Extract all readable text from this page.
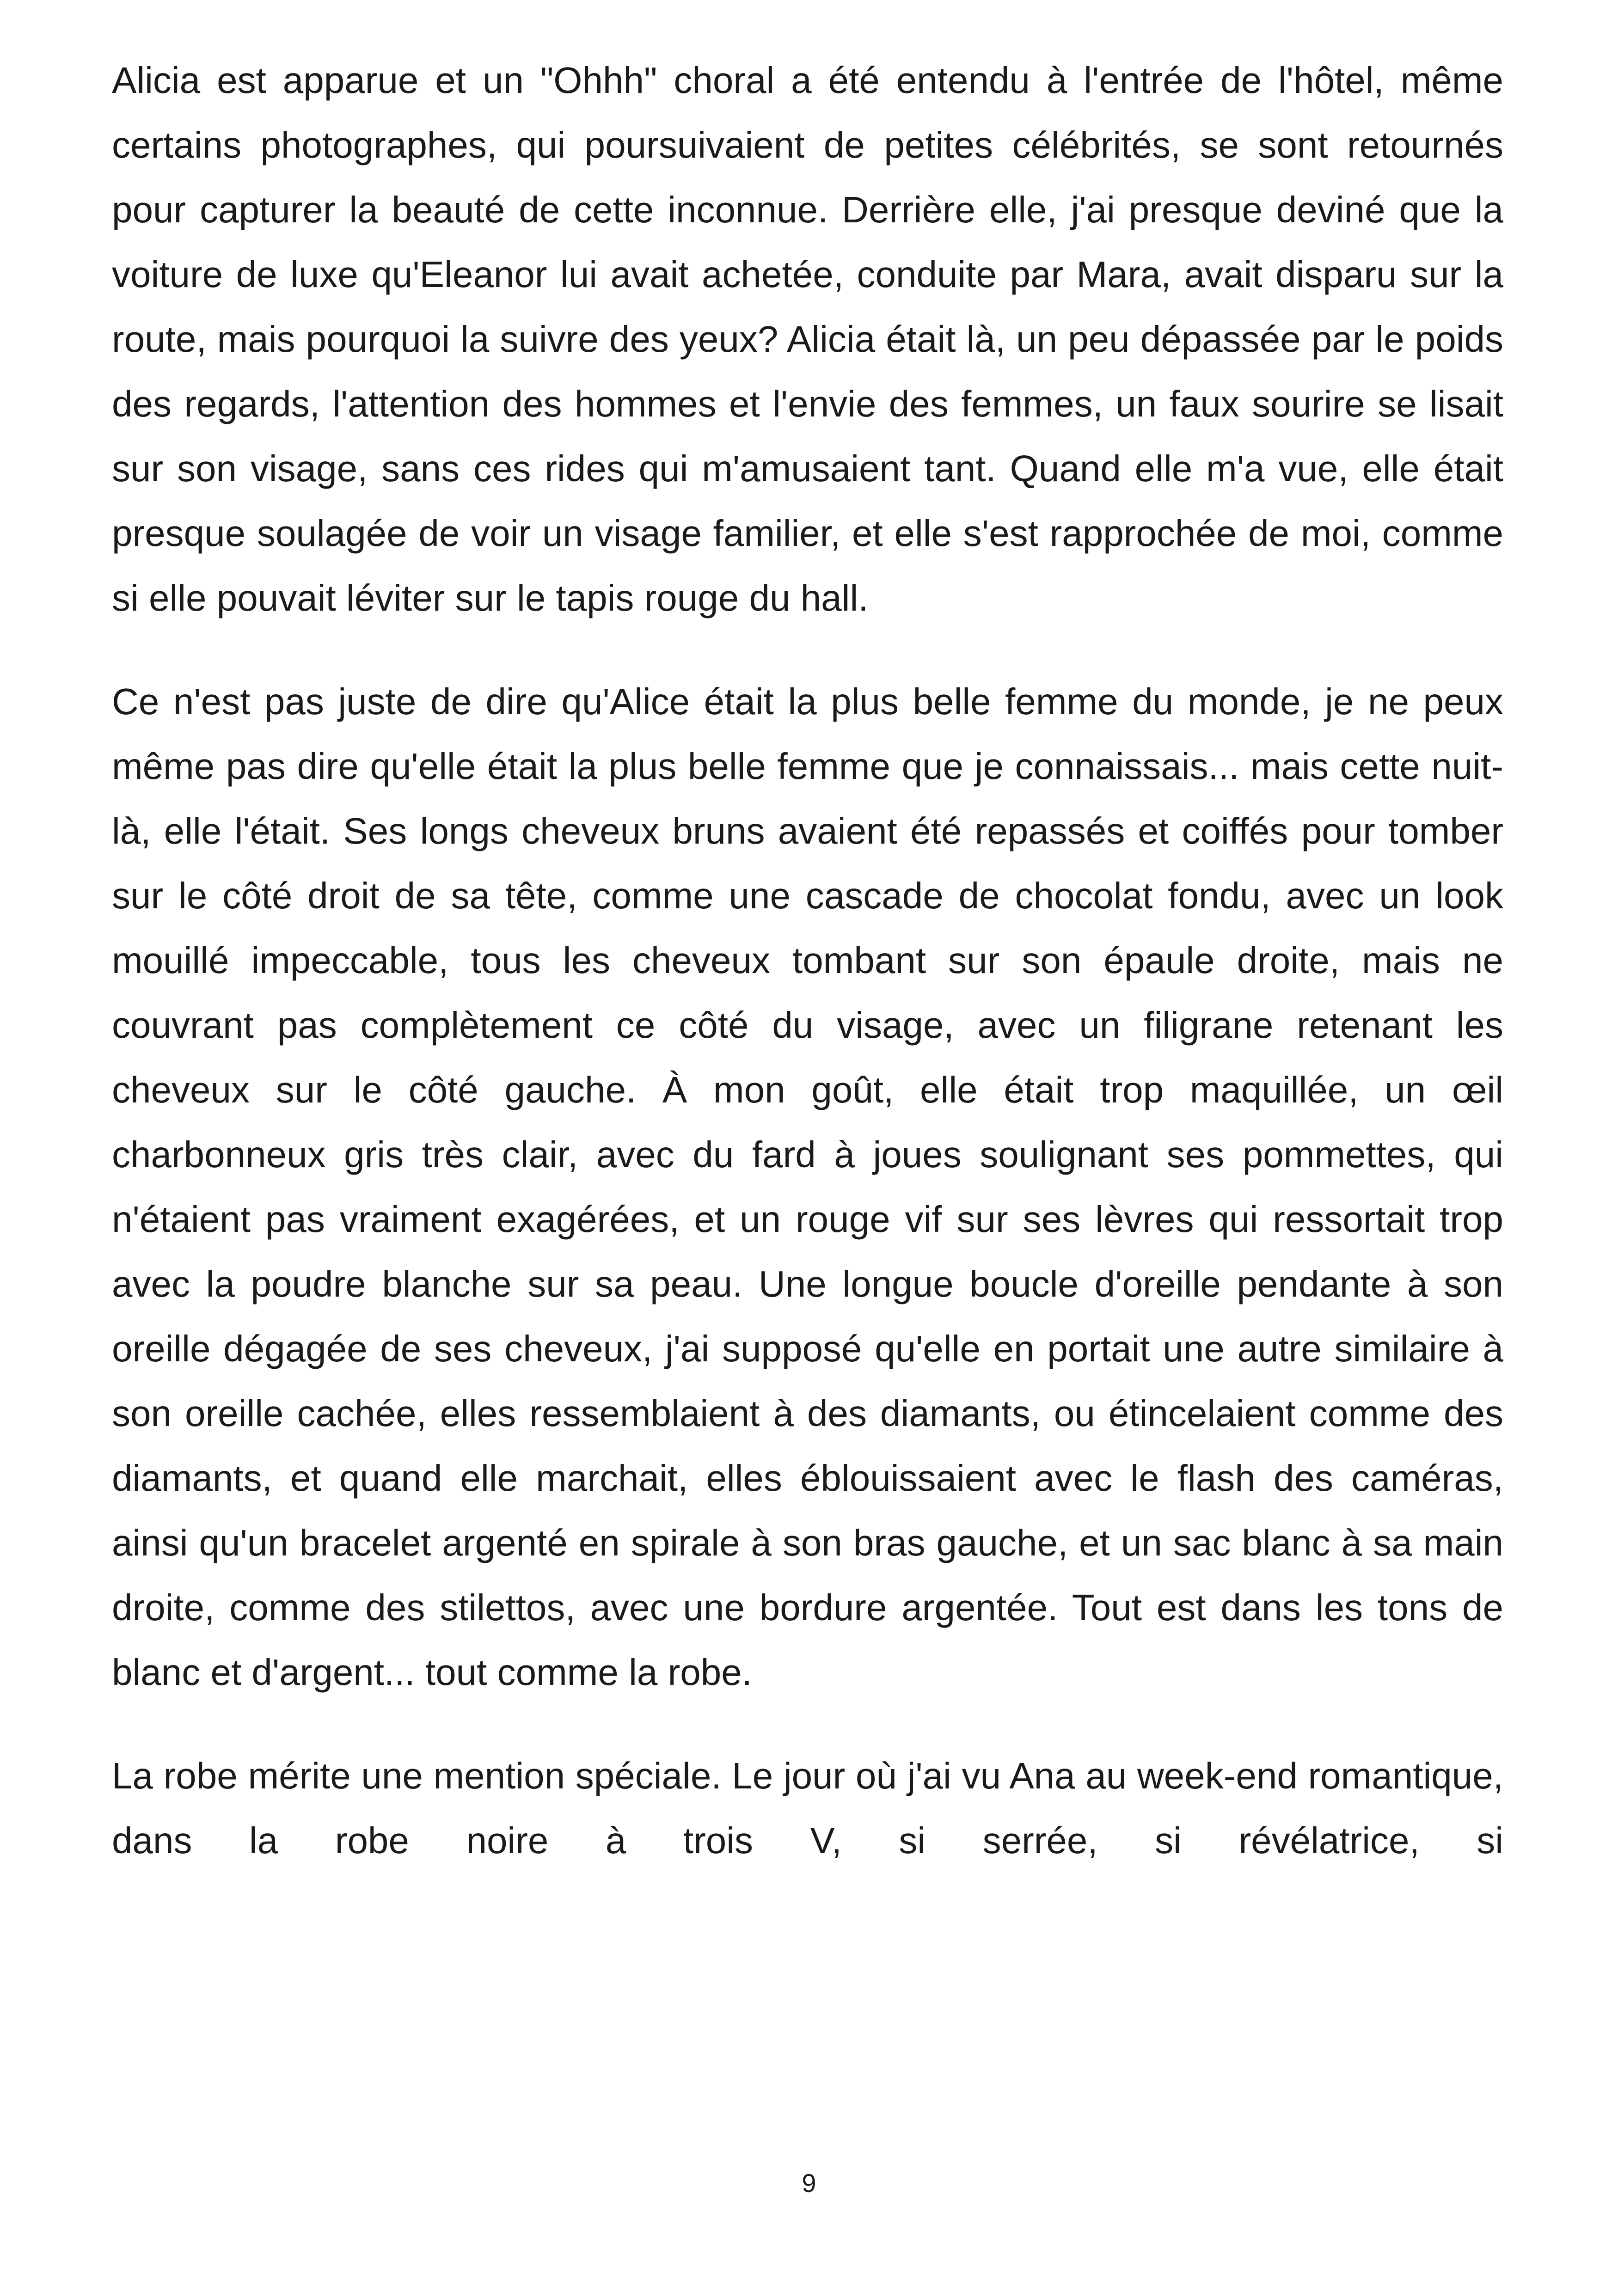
Alicia est apparue et un "Ohhh" choral a été entendu à l'entrée de l'hôtel, même certains photographes, qui poursuivaient de petites célébrités, se sont retournés pour capturer la beauté de cette inconnue. Derrière elle, j'ai presque deviné que la voiture de luxe qu'Eleanor lui avait achetée, conduite par Mara, avait disparu sur la route, mais pourquoi la suivre des yeux? Alicia était là, un peu dépassée par le poids des regards, l'attention des hommes et l'envie des femmes, un faux sourire se lisait sur son visage, sans ces rides qui m'amusaient tant. Quand elle m'a vue, elle était presque soulagée de voir un visage familier, et elle s'est rapprochée de moi, comme si elle pouvait léviter sur le tapis rouge du hall.

Ce n'est pas juste de dire qu'Alice était la plus belle femme du monde, je ne peux même pas dire qu'elle était la plus belle femme que je connaissais... mais cette nuit-là, elle l'était. Ses longs cheveux bruns avaient été repassés et coiffés pour tomber sur le côté droit de sa tête, comme une cascade de chocolat fondu, avec un look mouillé impeccable, tous les cheveux tombant sur son épaule droite, mais ne couvrant pas complètement ce côté du visage, avec un filigrane retenant les cheveux sur le côté gauche. À mon goût, elle était trop maquillée, un œil charbonneux gris très clair, avec du fard à joues soulignant ses pommettes, qui n'étaient pas vraiment exagérées, et un rouge vif sur ses lèvres qui ressortait trop avec la poudre blanche sur sa peau. Une longue boucle d'oreille pendante à son oreille dégagée de ses cheveux, j'ai supposé qu'elle en portait une autre similaire à son oreille cachée, elles ressemblaient à des diamants, ou étincelaient comme des diamants, et quand elle marchait, elles éblouissaient avec le flash des caméras, ainsi qu'un bracelet argenté en spirale à son bras gauche, et un sac blanc à sa main droite, comme des stilettos, avec une bordure argentée. Tout est dans les tons de blanc et d'argent... tout comme la robe.

La robe mérite une mention spéciale. Le jour où j'ai vu Ana au week-end romantique, dans la robe noire à trois V, si serrée, si révélatrice, si

9
